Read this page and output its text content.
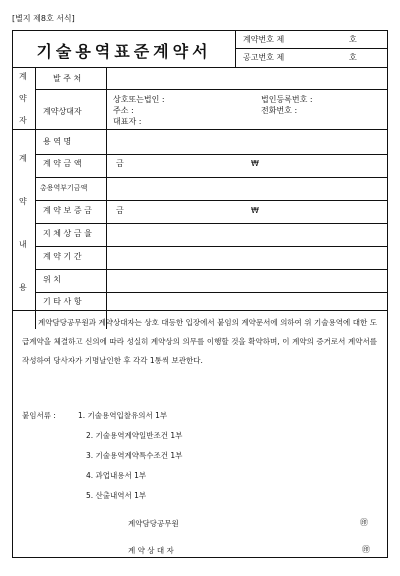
[별지 제8호 서식]
기술용역표준계약서
계약번호 제	호
공고번호 제	호
계
약
자
발 주 처
계약상대자
상호또는법인 :	법인등록번호 :
주소 :	전화번호 :
대표자 :
계
약
내
용
용 역 명
계 약 금 액	금	₩
총용역부기금액
계 약 보 증 금	금	₩
지 체 상 금 율
계 약 기 간
위 치
기 타 사 항
계약담당공무원과 계약상대자는 상호 대등한 입장에서 붙임의 계약문서에 의하여 위 기술용역에 대한 도급계약을 체결하고 신의에 따라 성실히 계약상의 의무를 이행할 것을 확약하며, 이 계약의 증거로서 계약서를 작성하여 당사자가 기명날인한 후 각각 1통씩 보관한다.
붙임서류 :	1. 기술용역입찰유의서 1부
2. 기술용역계약일반조건 1부
3. 기술용역계약특수조건 1부
4. 과업내용서 1부
5. 산출내역서 1부
계약담당공무원	㊞
계 약 상 대 자	㊞
